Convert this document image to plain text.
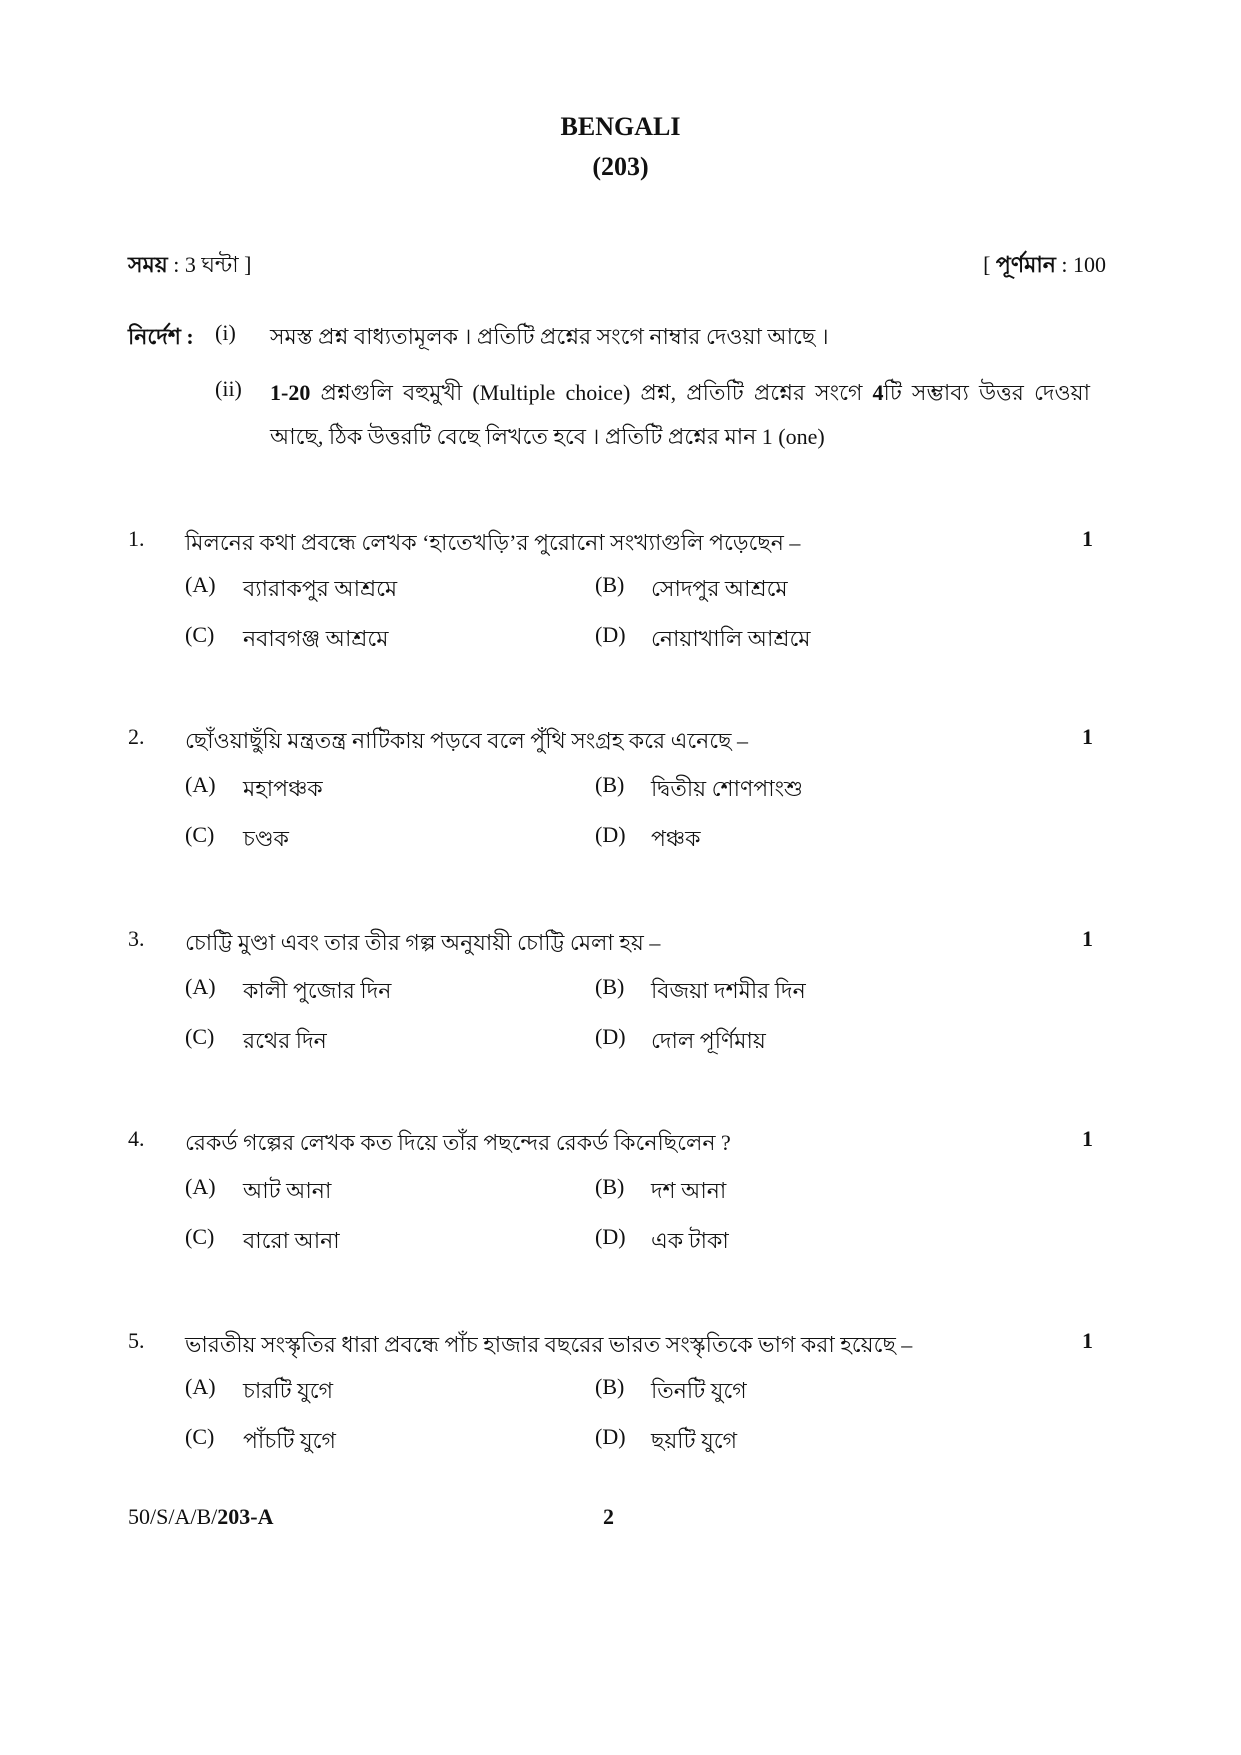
BENGALI
(203)
সময় : 3 ঘন্টা ]	[ পূর্ণমান : 100
নির্দেশ : (i) সমস্ত প্রশ্ন বাধ্যতামূলক । প্রতিটি প্রশ্নের সংগে নাম্বার দেওয়া আছে ।
(ii) 1-20 প্রশ্নগুলি বহুমুখী (Multiple choice) প্রশ্ন, প্রতিটি প্রশ্নের সংগে 4টি সম্ভাব্য উত্তর দেওয়া
আছে, ঠিক উত্তরটি বেছে লিখতে হবে । প্রতিটি প্রশ্নের মান 1 (one)
1. মিলনের কথা প্রবন্ধে লেখক ‘হাতেখড়ি’র পুরোনো সংখ্যাগুলি পড়েছেন –	1
(A) ব্যারাকপুর আশ্রমে	(B) সোদপুর আশ্রমে
(C) নবাবগঞ্জ আশ্রমে	(D) নোয়াখালি আশ্রমে
2. ছোঁওয়াছুঁয়ি মন্ত্রতন্ত্র নাটিকায় পড়বে বলে পুঁথি সংগ্রহ করে এনেছে –	1
(A) মহাপঞ্চক	(B) দ্বিতীয় শোণপাংশু
(C) চণ্ডক	(D) পঞ্চক
3. চোট্টি মুণ্ডা এবং তার তীর গল্প অনুযায়ী চোট্টি মেলা হয় –	1
(A) কালী পুজোর দিন	(B) বিজয়া দশমীর দিন
(C) রথের দিন	(D) দোল পূর্ণিমায়
4. রেকর্ড গল্পের লেখক কত দিয়ে তাঁর পছন্দের রেকর্ড কিনেছিলেন ?	1
(A) আট আনা	(B) দশ আনা
(C) বারো আনা	(D) এক টাকা
5. ভারতীয় সংস্কৃতির ধারা প্রবন্ধে পাঁচ হাজার বছরের ভারত সংস্কৃতিকে ভাগ করা হয়েছে –	1
(A) চারটি যুগে	(B) তিনটি যুগে
(C) পাঁচটি যুগে	(D) ছয়টি যুগে
50/S/A/B/203-A	2
